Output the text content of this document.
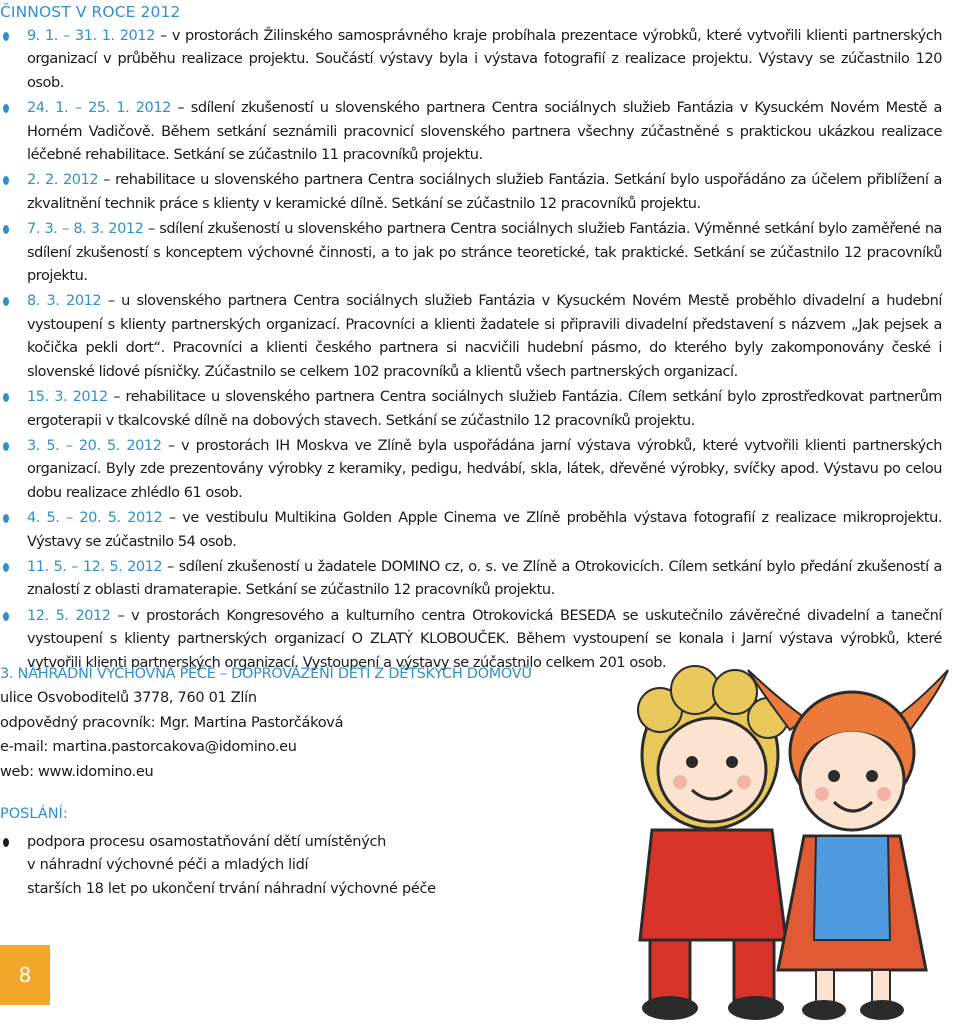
ČINNOST V ROCE 2012
9. 1. – 31. 1. 2012 – v prostorách Žilinského samosprávného kraje probíhala prezentace výrobků, které vytvořili klienti partnerských organizací v průběhu realizace projektu. Součástí výstavy byla i výstava fotografií z realizace projektu. Výstavy se zúčastnilo 120 osob.
24. 1. – 25. 1. 2012 – sdílení zkušeností u slovenského partnera Centra sociálnych služieb Fantázia v Kysuckém Novém Mestě a Horném Vadičově. Během setkání seznámili pracovnicí slovenského partnera všechny zúčastněné s praktickou ukázkou realizace léčebné rehabilitace. Setkání se zúčastnilo 11 pracovníků projektu.
2. 2. 2012 – rehabilitace u slovenského partnera Centra sociálnych služieb Fantázia. Setkání bylo uspořádáno za účelem přiblížení a zkvalitnění technik práce s klienty v keramické dílně. Setkání se zúčastnilo 12 pracovníků projektu.
7. 3. – 8. 3. 2012 – sdílení zkušeností u slovenského partnera Centra sociálnych služieb Fantázia. Výměnné setkání bylo zaměřené na sdílení zkušeností s konceptem výchovné činnosti, a to jak po stránce teoretické, tak praktické. Setkání se zúčastnilo 12 pracovníků projektu.
8. 3. 2012 – u slovenského partnera Centra sociálnych služieb Fantázia v Kysuckém Novém Mestě proběhlo divadelní a hudební vystoupení s klienty partnerských organizací. Pracovníci a klienti žadatele si připravili divadelní představení s názvem „Jak pejsek a kočička pekli dort“. Pracovníci a klienti českého partnera si nacvičili hudební pásmo, do kterého byly zakomponovány české i slovenské lidové písničky. Zúčastnilo se celkem 102 pracovníků a klientů všech partnerských organizací.
15. 3. 2012 – rehabilitace u slovenského partnera Centra sociálnych služieb Fantázia. Cílem setkání bylo zprostředkovat partnerům ergoterapii v tkalcovské dílně na dobových stavech. Setkání se zúčastnilo 12 pracovníků projektu.
3. 5. – 20. 5. 2012 – v prostorách IH Moskva ve Zlíně byla uspořádána jarní výstava výrobků, které vytvořili klienti partnerských organizací. Byly zde prezentovány výrobky z keramiky, pedigu, hedvábí, skla, látek, dřevěné výrobky, svíčky apod. Výstavu po celou dobu realizace zhlédlo 61 osob.
4. 5. – 20. 5. 2012 – ve vestibulu Multikina Golden Apple Cinema ve Zlíně proběhla výstava fotografií z realizace mikroprojektu. Výstavy se zúčastnilo 54 osob.
11. 5. – 12. 5. 2012 – sdílení zkušeností u žadatele DOMINO cz, o. s. ve Zlíně a Otrokovicích. Cílem setkání bylo předání zkušeností a znalostí z oblasti dramaterapie. Setkání se zúčastnilo 12 pracovníků projektu.
12. 5. 2012 – v prostorách Kongresového a kulturního centra Otrokovická BESEDA se uskutečnilo závěrečné divadelní a taneční vystoupení s klienty partnerských organizací O ZLATÝ KLOBOUČEK. Během vystoupení se konala i Jarní výstava výrobků, které vytvořili klienti partnerských organizací. Vystoupení a výstavy se zúčastnilo celkem 201 osob.
3. NÁHRADNÍ VÝCHOVNÁ PÉČE – DOPROVÁZENÍ DĚTÍ Z DĚTSKÝCH DOMOVŮ
ulice Osvoboditelů 3778, 760 01 Zlín
odpovědný pracovník: Mgr. Martina Pastorčáková
e-mail: martina.pastorcakova@idomino.eu
web: www.idomino.eu
POSLÁNÍ:
podpora procesu osamostatňování dětí umístěných
v náhradní výchovné péči a mladých lidí
starších 18 let po ukončení trvání náhradní výchovné péče
8
